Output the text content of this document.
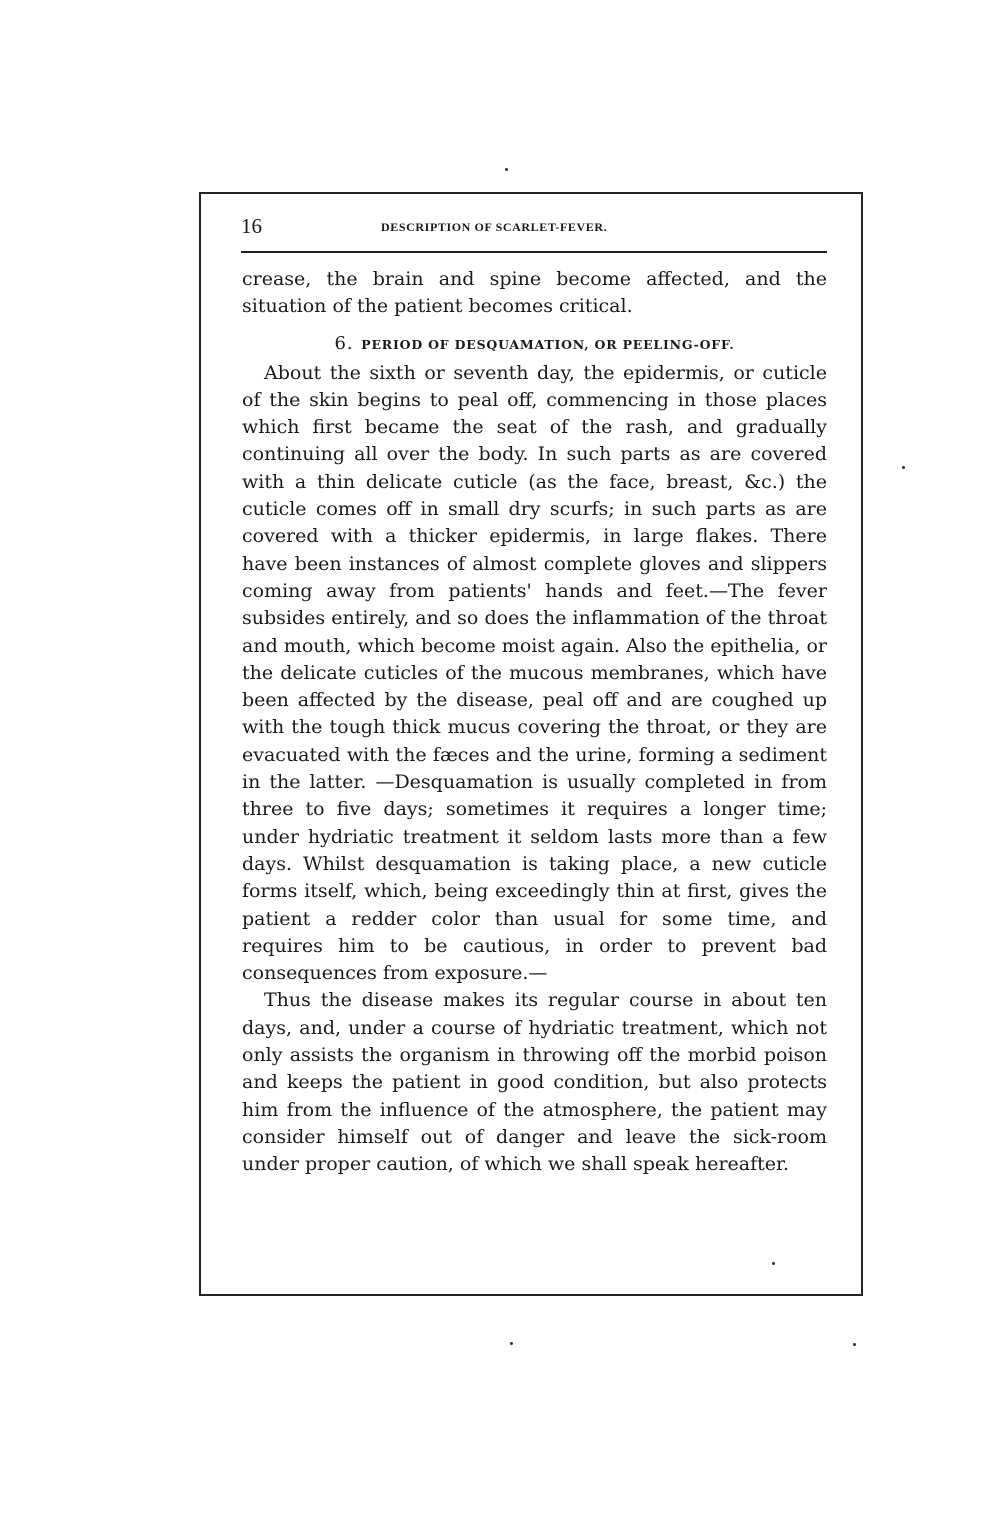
16	DESCRIPTION OF SCARLET-FEVER.

crease, the brain and spine become affected, and the situation of the patient becomes critical.

6. PERIOD OF DESQUAMATION, OR PEELING-OFF.

About the sixth or seventh day, the epidermis, or cuticle of the skin begins to peal off, commencing in those places which first became the seat of the rash, and gradually continuing all over the body. In such parts as are covered with a thin delicate cuticle (as the face, breast, &c.) the cuticle comes off in small dry scurfs; in such parts as are covered with a thicker epidermis, in large flakes. There have been instances of almost complete gloves and slippers coming away from patients' hands and feet.—The fever subsides entirely, and so does the inflammation of the throat and mouth, which become moist again. Also the epithelia, or the delicate cuticles of the mucous membranes, which have been affected by the disease, peal off and are coughed up with the tough thick mucus covering the throat, or they are evacuated with the fæces and the urine, forming a sediment in the latter. —Desquamation is usually completed in from three to five days; sometimes it requires a longer time; under hydriatic treatment it seldom lasts more than a few days. Whilst desquamation is taking place, a new cuticle forms itself, which, being exceedingly thin at first, gives the patient a redder color than usual for some time, and requires him to be cautious, in order to prevent bad consequences from exposure.—

Thus the disease makes its regular course in about ten days, and, under a course of hydriatic treatment, which not only assists the organism in throwing off the morbid poison and keeps the patient in good condition, but also protects him from the influence of the atmosphere, the patient may consider himself out of danger and leave the sick-room under proper caution, of which we shall speak hereafter.
